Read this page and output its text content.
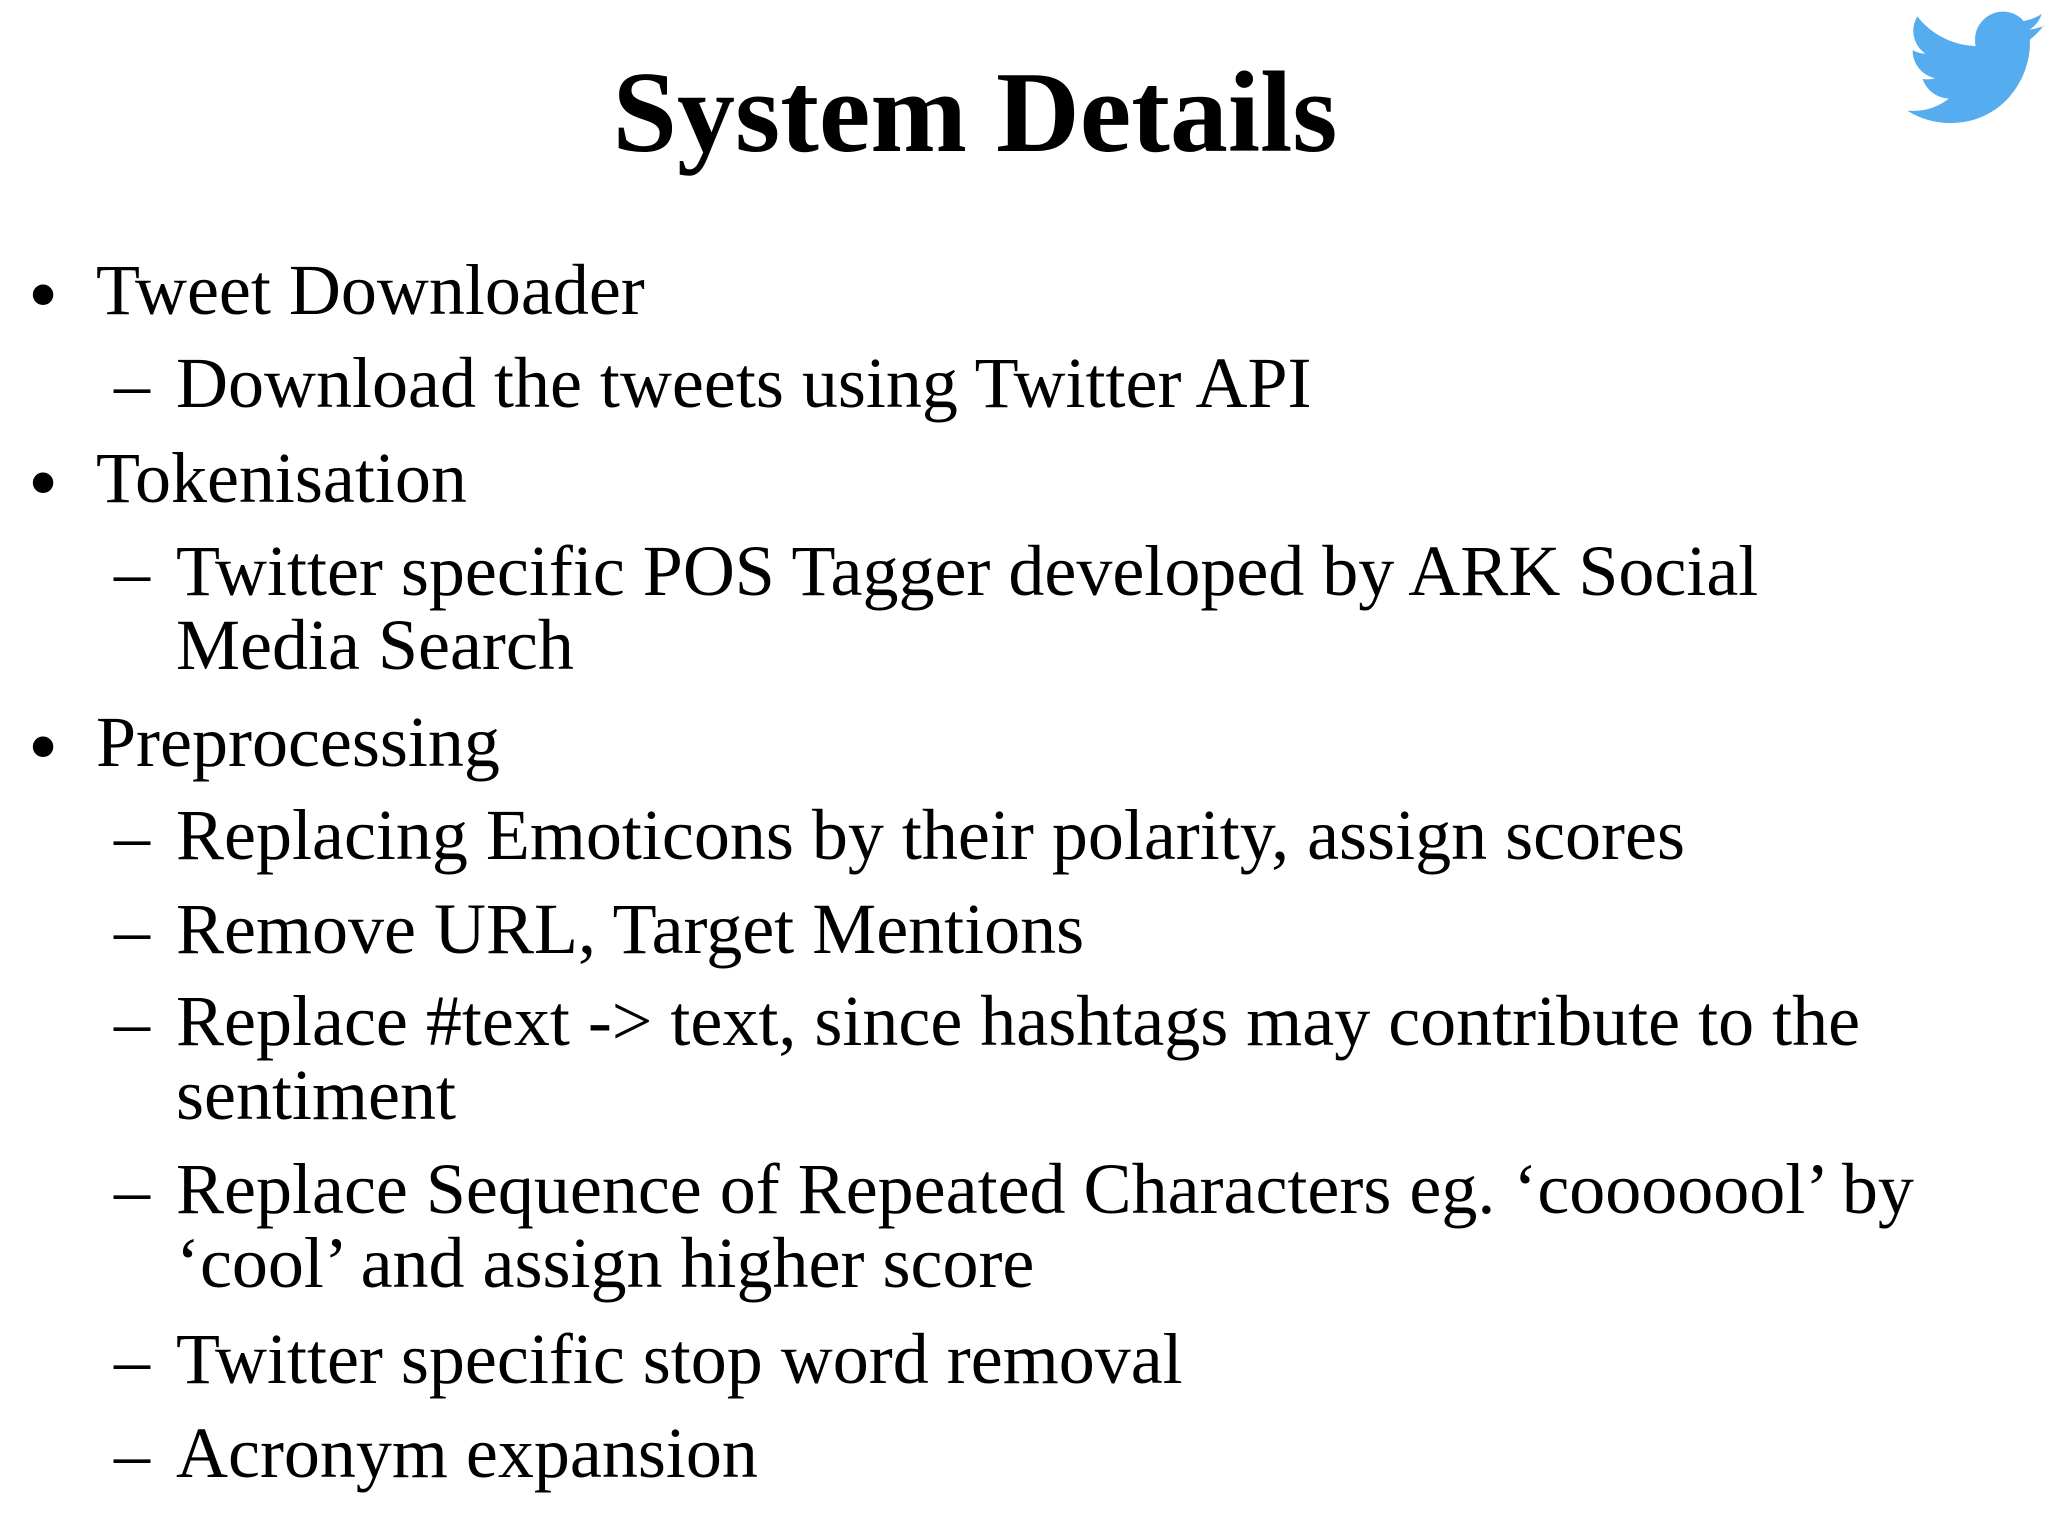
System Details
• Tweet Downloader
– Download the tweets using Twitter API
• Tokenisation
– Twitter specific POS Tagger developed by ARK Social Media Search
• Preprocessing
– Replacing Emoticons by their polarity, assign scores
– Remove URL, Target Mentions
– Replace #text -> text, since hashtags may contribute to the sentiment
– Replace Sequence of Repeated Characters eg. ‘cooooool’ by ‘cool’ and assign higher score
– Twitter specific stop word removal
– Acronym expansion
